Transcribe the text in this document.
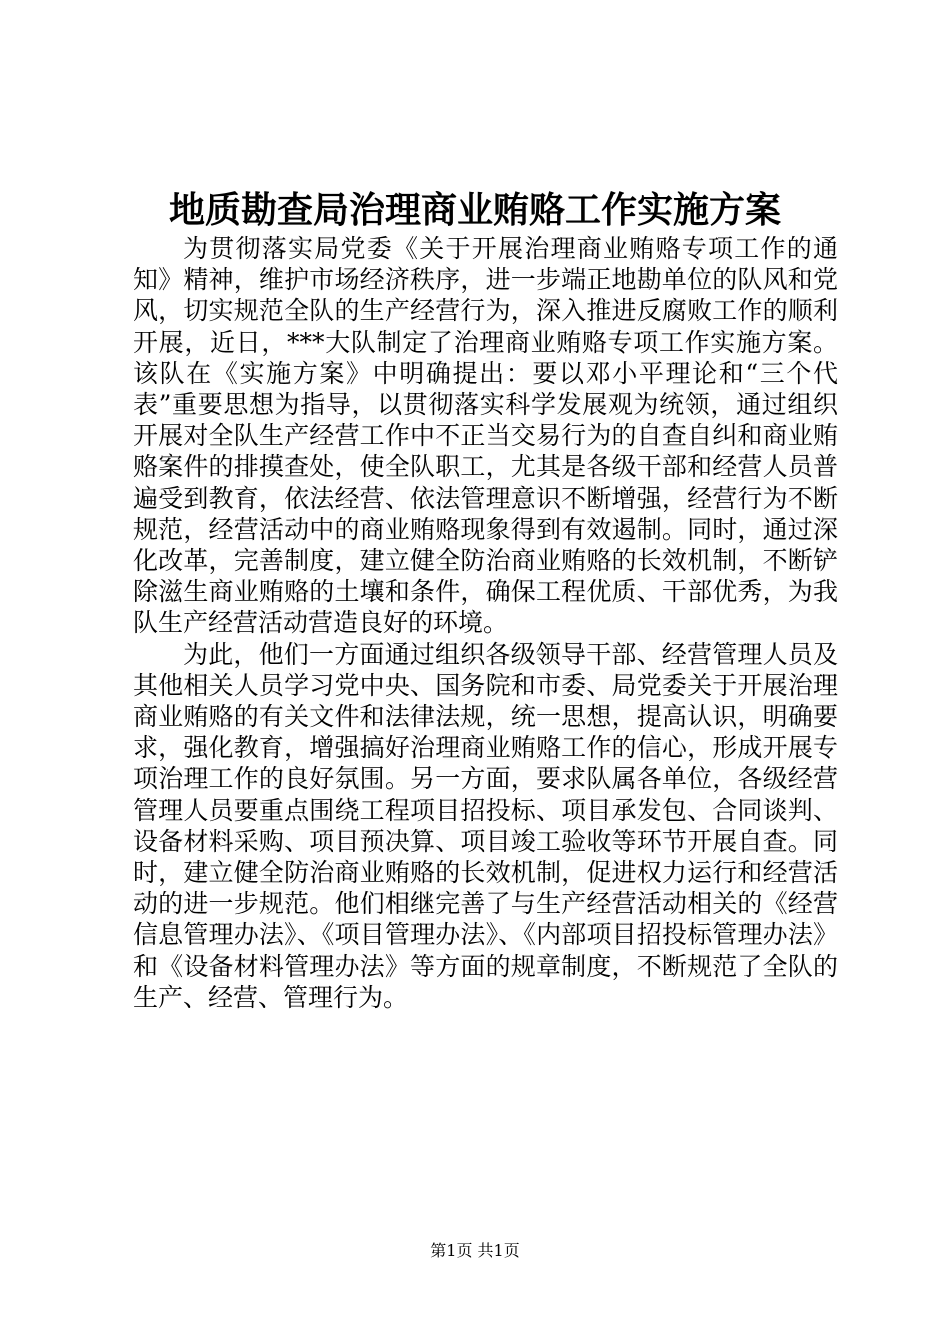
地质勘查局治理商业贿赂工作实施方案

为贯彻落实局党委《关于开展治理商业贿赂专项工作的通知》精神，维护市场经济秩序，进一步端正地勘单位的队风和党风，切实规范全队的生产经营行为，深入推进反腐败工作的顺利开展，近日，***大队制定了治理商业贿赂专项工作实施方案。该队在《实施方案》中明确提出：要以邓小平理论和“三个代表”重要思想为指导，以贯彻落实科学发展观为统领，通过组织开展对全队生产经营工作中不正当交易行为的自查自纠和商业贿赂案件的排摸查处，使全队职工，尤其是各级干部和经营人员普遍受到教育，依法经营、依法管理意识不断增强，经营行为不断规范，经营活动中的商业贿赂现象得到有效遏制。同时，通过深化改革，完善制度，建立健全防治商业贿赂的长效机制，不断铲除滋生商业贿赂的土壤和条件，确保工程优质、干部优秀，为我队生产经营活动营造良好的环境。

为此，他们一方面通过组织各级领导干部、经营管理人员及其他相关人员学习党中央、国务院和市委、局党委关于开展治理商业贿赂的有关文件和法律法规，统一思想，提高认识，明确要求，强化教育，增强搞好治理商业贿赂工作的信心，形成开展专项治理工作的良好氛围。另一方面，要求队属各单位，各级经营管理人员要重点围绕工程项目招投标、项目承发包、合同谈判、设备材料采购、项目预决算、项目竣工验收等环节开展自查。同时，建立健全防治商业贿赂的长效机制，促进权力运行和经营活动的进一步规范。他们相继完善了与生产经营活动相关的《经营信息管理办法》、《项目管理办法》、《内部项目招投标管理办法》和《设备材料管理办法》等方面的规章制度，不断规范了全队的生产、经营、管理行为。

第1页 共1页
